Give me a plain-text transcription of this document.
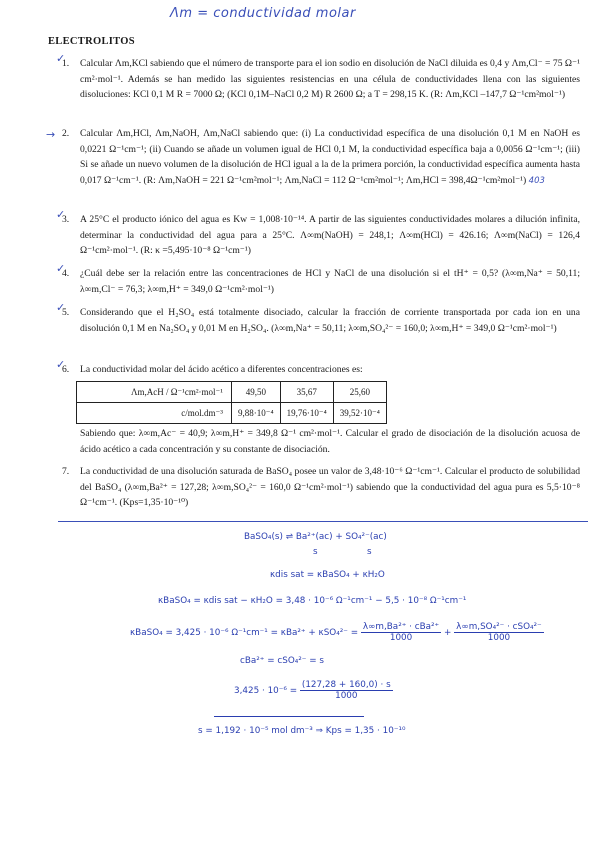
Λm = conductividad molar
ELECTROLITOS
1. Calcular Λm,KCl sabiendo que el número de transporte para el ion sodio en disolución de NaCl diluida es 0,4 y Λm,Cl⁻ = 75 Ω⁻¹ cm²·mol⁻¹. Además se han medido las siguientes resistencias en una célula de conductividades llena con las siguientes disoluciones: KCl 0,1 M R = 7000 Ω; (KCl 0,1M–NaCl 0,2 M) R 2600 Ω; a T = 298,15 K. (R: Λm,KCl –147,7 Ω⁻¹cm²mol⁻¹)
✓
2. Calcular Λm,HCl, Λm,NaOH, Λm,NaCl sabiendo que: (i) La conductividad específica de una disolución 0,1 M en NaOH es 0,0221 Ω⁻¹cm⁻¹; (ii) Cuando se añade un volumen igual de HCl 0,1 M, la conductividad específica baja a 0,0056 Ω⁻¹cm⁻¹; (iii) Si se añade un nuevo volumen de la disolución de HCl igual a la de la primera porción, la conductividad específica aumenta hasta 0,017 Ω⁻¹cm⁻¹. (R: Λm,NaOH = 221 Ω⁻¹cm²mol⁻¹; Λm,NaCl = 112 Ω⁻¹cm²mol⁻¹; Λm,HCl = 398,4Ω⁻¹cm²mol⁻¹) 403
→
3. A 25°C el producto iónico del agua es Kw = 1,008·10⁻¹⁴. A partir de las siguientes conductividades molares a dilución infinita, determinar la conductividad del agua para a 25°C. Λ∞m(NaOH) = 248,1; Λ∞m(HCl) = 426.16; Λ∞m(NaCl) = 126,4 Ω⁻¹cm²·mol⁻¹. (R: κ =5,495·10⁻⁸ Ω⁻¹cm⁻¹)
✓
4. ¿Cuál debe ser la relación entre las concentraciones de HCl y NaCl de una disolución si el tH⁺ = 0,5? (λ∞m,Na⁺ = 50,11; λ∞m,Cl⁻ = 76,3; λ∞m,H⁺ = 349,0 Ω⁻¹cm²·mol⁻¹)
✓
5. Considerando que el H₂SO₄ está totalmente disociado, calcular la fracción de corriente transportada por cada ion en una disolución 0,1 M en Na₂SO₄ y 0,01 M en H₂SO₄. (λ∞m,Na⁺ = 50,11; λ∞m,SO₄²⁻ = 160,0; λ∞m,H⁺ = 349,0 Ω⁻¹cm²·mol⁻¹)
✓
6. La conductividad molar del ácido acético a diferentes concentraciones es:
✓
Λm,AcH / Ω⁻¹cm²·mol⁻¹	49,50	35,67	25,60
c/mol.dm⁻³	9,88·10⁻⁴	19,76·10⁻⁴	39,52·10⁻⁴
Sabiendo que: λ∞m,Ac⁻ = 40,9; λ∞m,H⁺ = 349,8 Ω⁻¹ cm²·mol⁻¹. Calcular el grado de disociación de la disolución acuosa de ácido acético a cada concentración y su constante de disociación.
7. La conductividad de una disolución saturada de BaSO₄ posee un valor de 3,48·10⁻⁶ Ω⁻¹cm⁻¹. Calcular el producto de solubilidad del BaSO₄ (λ∞m,Ba²⁺ = 127,28; λ∞m,SO₄²⁻ = 160,0 Ω⁻¹cm²·mol⁻¹) sabiendo que la conductividad del agua pura es 5,5·10⁻⁸ Ω⁻¹cm⁻¹. (Kps=1,35·10⁻¹⁰)
BaSO₄(s) ⇌ Ba²⁺(ac) + SO₄²⁻(ac)
s	s
κdis sat = κBaSO₄ + κH₂O
κBaSO₄ = κdis sat − κH₂O = 3,48 · 10⁻⁶ Ω⁻¹cm⁻¹ − 5,5 · 10⁻⁸ Ω⁻¹cm⁻¹
κBaSO₄ = 3,425 · 10⁻⁶ $\Omega^{-1}cm^{-1} = \kappa Ba^{2+} + \kappa SO_4^{2-} = \frac{\text{λ∞m,Ba²⁺ · cBa²⁺}}{1000} + \frac{\text{λ∞m,SO₄²⁻ · cSO₄²⁻}}{1000}$
cBa²⁺ = cSO₄²⁻ = s
$3,425 \cdot 10^{-6} = \frac{(127,28 + 160,0) \cdot s}{1000}$
s = 1,192 · 10⁻⁵ mol dm⁻³ ⇒ Kps = 1,35 · 10⁻¹⁰
